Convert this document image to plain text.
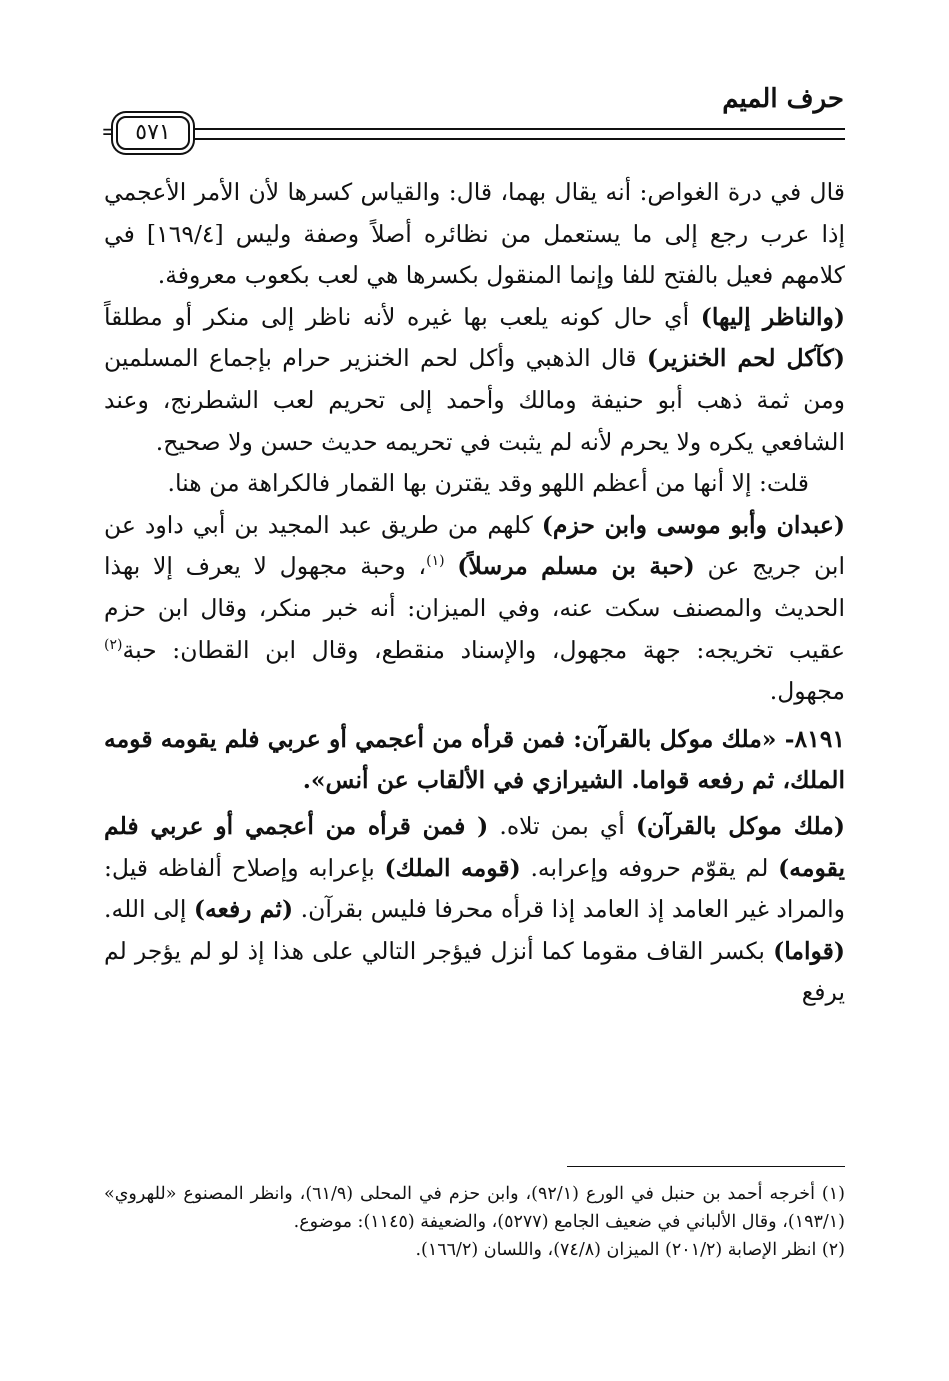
حرف الميم
= ٥٧١

قال في درة الغواص: أنه يقال بهما، قال: والقياس كسرها لأن الأمر الأعجمي إذا عرب رجع إلى ما يستعمل من نظائره أصلاً وصفة وليس [١٦٩/٤] في كلامهم فعيل بالفتح للفا وإنما المنقول بكسرها هي لعب بكعوب معروفة.

(والناظر إليها) أي حال كونه يلعب بها غيره لأنه ناظر إلى منكر أو مطلقاً (كآكل لحم الخنزير) قال الذهبي وأكل لحم الخنزير حرام بإجماع المسلمين ومن ثمة ذهب أبو حنيفة ومالك وأحمد إلى تحريم لعب الشطرنج، وعند الشافعي يكره ولا يحرم لأنه لم يثبت في تحريمه حديث حسن ولا صحيح.

قلت: إلا أنها من أعظم اللهو وقد يقترن بها القمار فالكراهة من هنا.

(عبدان وأبو موسى وابن حزم) كلهم من طريق عبد المجيد بن أبي داود عن ابن جريج عن (حبة بن مسلم مرسلاً) $^{(١)}$، وحبة مجهول لا يعرف إلا بهذا الحديث والمصنف سكت عنه، وفي الميزان: أنه خبر منكر، وقال ابن حزم عقيب تخريجه: جهة مجهول، والإسناد منقطع، وقال ابن القطان: حبة$^{(٢)}$ مجهول.

٨١٩١- «ملك موكل بالقرآن: فمن قرأه من أعجمي أو عربي فلم يقومه قومه الملك، ثم رفعه قواما. الشيرازي في الألقاب عن أنس».

(ملك موكل بالقرآن) أي بمن تلاه. ( فمن قرأه من أعجمي أو عربي فلم يقومه) لم يقوّم حروفه وإعرابه. (قومه الملك) بإعرابه وإصلاح ألفاظه قيل: والمراد غير العامد إذ العامد إذا قرأه محرفا فليس بقرآن. (ثم رفعه) إلى الله. (قواما) بكسر القاف مقوما كما أنزل فيؤجر التالي على هذا إذ لو لم يؤجر لم يرفع

(١) أخرجه أحمد بن حنبل في الورع (٩٢/١)، وابن حزم في المحلى (٦١/٩)، وانظر المصنوع «للهروي» (١٩٣/١)، وقال الألباني في ضعيف الجامع (٥٢٧٧)، والضعيفة (١١٤٥): موضوع.

(٢) انظر الإصابة (٢٠١/٢) الميزان (٧٤/٨)، واللسان (١٦٦/٢).
